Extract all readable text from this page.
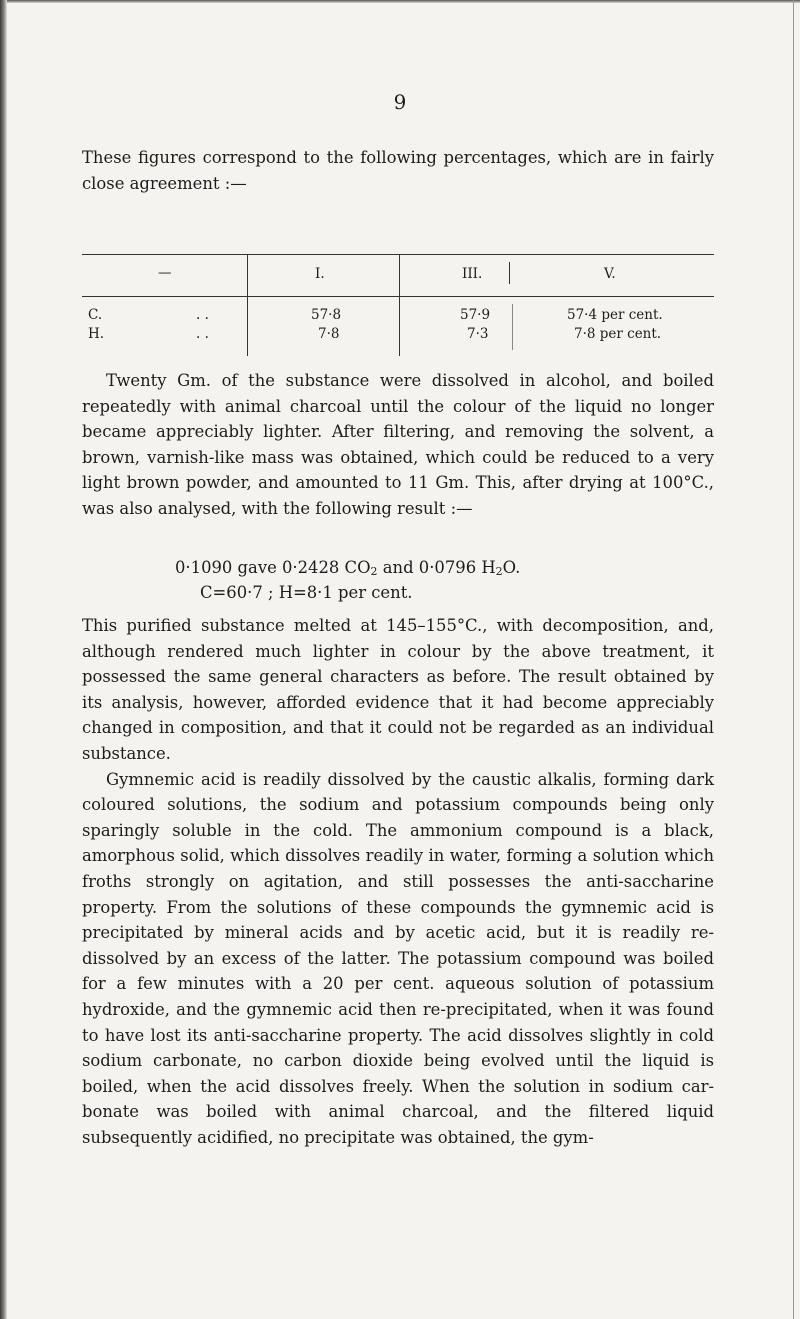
9
These figures correspond to the following percentages, which are in fairly close agreement :—
—	I.	III.	V.
C.	. .	57·8	57·9	57·4 per cent.
H.	. .	7·8	7·3	7·8 per cent.

Twenty Gm. of the substance were dissolved in alcohol, and boiled repeatedly with animal charcoal until the colour of the liquid no longer became appreciably lighter. After filtering, and removing the solvent, a brown, varnish-like mass was obtained, which could be reduced to a very light brown powder, and amounted to 11 Gm. This, after drying at 100°C., was also analysed, with the following result :—

0·1090 gave 0·2428 $CO_2$ and 0·0796 $H_2O$.
C=60·7 ; H=8·1 per cent.

This purified substance melted at 145–155°C., with decomposition, and, although rendered much lighter in colour by the above treatment, it possessed the same general characters as before. The result obtained by its analysis, however, afforded evidence that it had become appreciably changed in composition, and that it could not be regarded as an individual substance.

Gymnemic acid is readily dissolved by the caustic alkalis, forming dark coloured solutions, the sodium and potassium compounds being only sparingly soluble in the cold. The ammonium compound is a black, amorphous solid, which dissolves readily in water, forming a solution which froths strongly on agitation, and still possesses the anti-saccharine property. From the solutions of these compounds the gymnemic acid is precipitated by mineral acids and by acetic acid, but it is readily re-dissolved by an excess of the latter. The potassium compound was boiled for a few minutes with a 20 per cent. aqueous solution of potassium hydroxide, and the gymnemic acid then re-precipitated, when it was found to have lost its anti-saccharine property. The acid dissolves slightly in cold sodium carbonate, no carbon dioxide being evolved until the liquid is boiled, when the acid dissolves freely. When the solution in sodium carbonate was boiled with animal charcoal, and the filtered liquid subsequently acidified, no precipitate was obtained, the gym-
